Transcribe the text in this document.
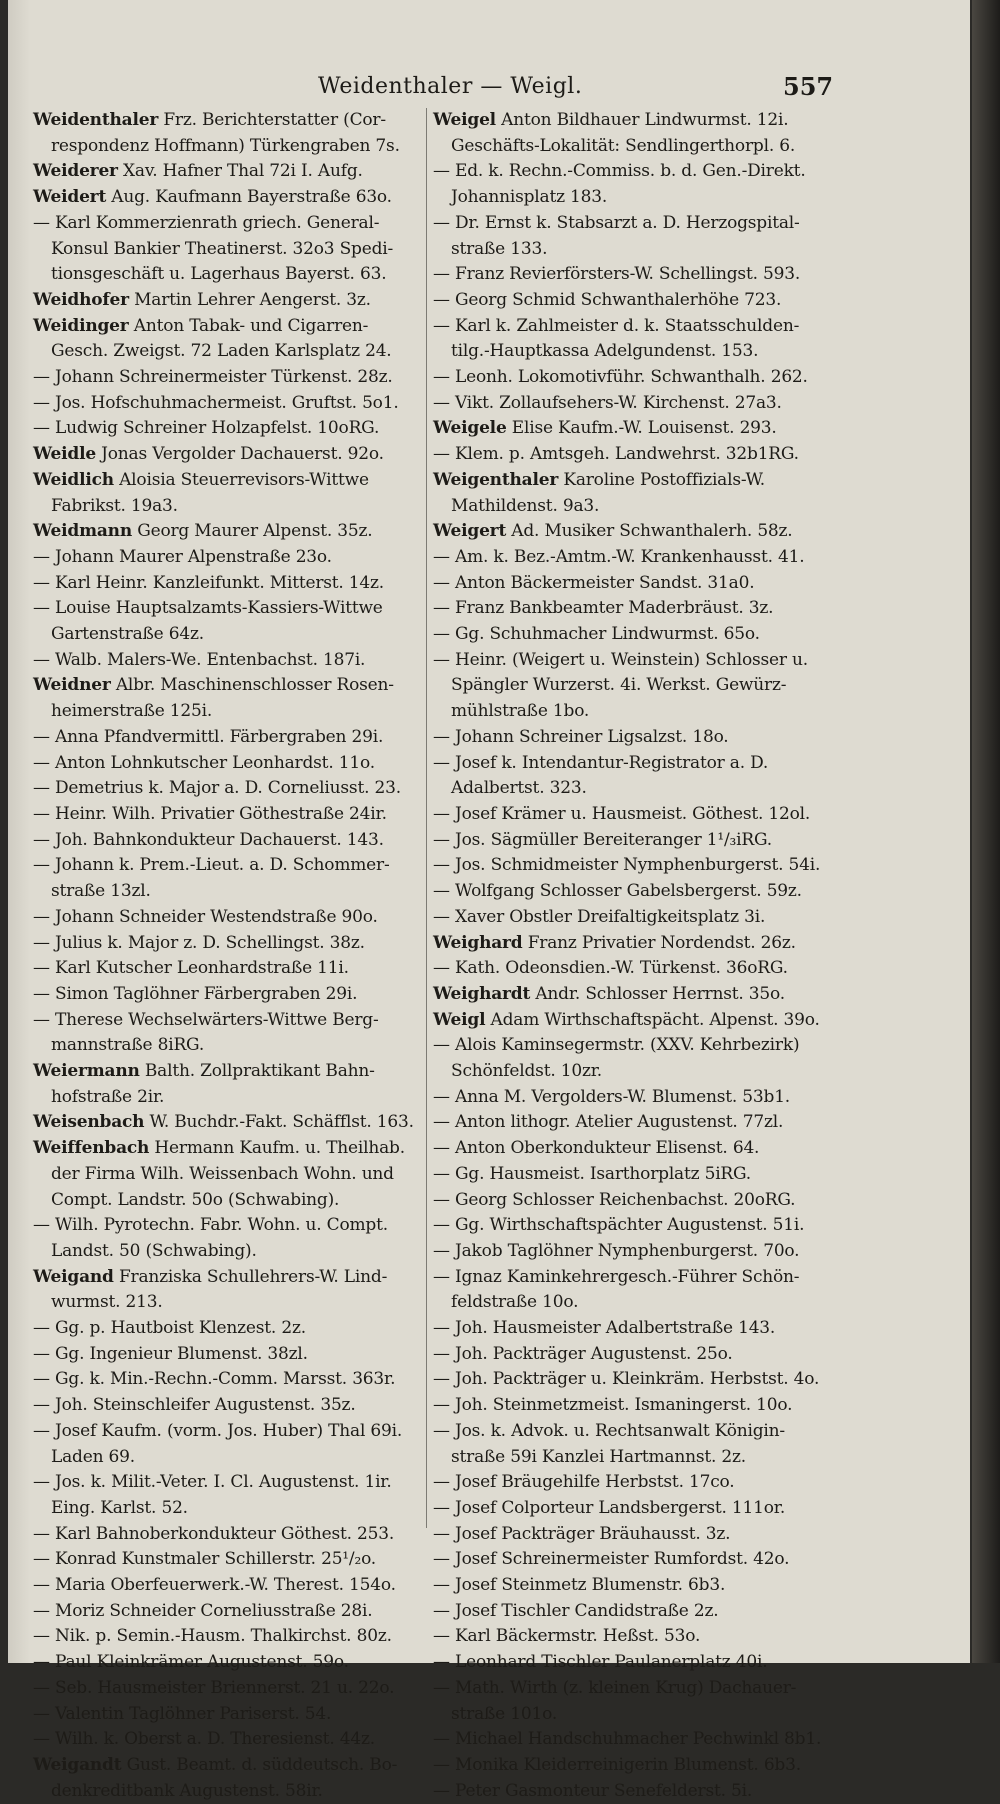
Weidenthaler — Weigl.	557
Weidenthaler Frz. Berichterstatter (Cor-
respondenz Hoffmann) Türkengraben 7s.
Weiderer Xav. Hafner Thal 72i I. Aufg.
Weidert Aug. Kaufmann Bayerstraße 63o.
— Karl Kommerzienrath griech. General-
Konsul Bankier Theatinerst. 32o3 Spedi-
tionsgeschäft u. Lagerhaus Bayerst. 63.
Weidhofer Martin Lehrer Aengerst. 3z.
Weidinger Anton Tabak- und Cigarren-
Gesch. Zweigst. 72 Laden Karlsplatz 24.
— Johann Schreinermeister Türkenst. 28z.
— Jos. Hofschuhmachermeist. Gruftst. 5o1.
— Ludwig Schreiner Holzapfelst. 10oRG.
Weidle Jonas Vergolder Dachauerst. 92o.
Weidlich Aloisia Steuerrevisors-Wittwe
Fabrikst. 19a3.
Weidmann Georg Maurer Alpenst. 35z.
— Johann Maurer Alpenstraße 23o.
— Karl Heinr. Kanzleifunkt. Mitterst. 14z.
— Louise Hauptsalzamts-Kassiers-Wittwe
Gartenstraße 64z.
— Walb. Malers-We. Entenbachst. 187i.
Weidner Albr. Maschinenschlosser Rosen-
heimerstraße 125i.
— Anna Pfandvermittl. Färbergraben 29i.
— Anton Lohnkutscher Leonhardst. 11o.
— Demetrius k. Major a. D. Corneliusst. 23.
— Heinr. Wilh. Privatier Göthestraße 24ir.
— Joh. Bahnkondukteur Dachauerst. 143.
— Johann k. Prem.-Lieut. a. D. Schommer-
straße 13zl.
— Johann Schneider Westendstraße 90o.
— Julius k. Major z. D. Schellingst. 38z.
— Karl Kutscher Leonhardstraße 11i.
— Simon Taglöhner Färbergraben 29i.
— Therese Wechselwärters-Wittwe Berg-
mannstraße 8iRG.
Weiermann Balth. Zollpraktikant Bahn-
hofstraße 2ir.
Weisenbach W. Buchdr.-Fakt. Schäfflst. 163.
Weiffenbach Hermann Kaufm. u. Theilhab.
der Firma Wilh. Weissenbach Wohn. und
Compt. Landstr. 50o (Schwabing).
— Wilh. Pyrotechn. Fabr. Wohn. u. Compt.
Landst. 50 (Schwabing).
Weigand Franziska Schullehrers-W. Lind-
wurmst. 213.
— Gg. p. Hautboist Klenzest. 2z.
— Gg. Ingenieur Blumenst. 38zl.
— Gg. k. Min.-Rechn.-Comm. Marsst. 363r.
— Joh. Steinschleifer Augustenst. 35z.
— Josef Kaufm. (vorm. Jos. Huber) Thal 69i.
Laden 69.
— Jos. k. Milit.-Veter. I. Cl. Augustenst. 1ir.
Eing. Karlst. 52.
— Karl Bahnoberkondukteur Göthest. 253.
— Konrad Kunstmaler Schillerstr. 25¹/₂o.
— Maria Oberfeuerwerk.-W. Therest. 154o.
— Moriz Schneider Corneliusstraße 28i.
— Nik. p. Semin.-Hausm. Thalkirchst. 80z.
— Paul Kleinkrämer Augustenst. 59o.
— Seb. Hausmeister Briennerst. 21 u. 22o.
— Valentin Taglöhner Pariserst. 54.
— Wilh. k. Oberst a. D. Theresienst. 44z.
Weigandt Gust. Beamt. d. süddeutsch. Bo-
denkreditbank Augustenst. 58ir.
Weigel Anton Bildhauer Lindwurmst. 12i.
Geschäfts-Lokalität: Sendlingerthorpl. 6.
— Ed. k. Rechn.-Commiss. b. d. Gen.-Direkt.
Johannisplatz 183.
— Dr. Ernst k. Stabsarzt a. D. Herzogspital-
straße 133.
— Franz Revierförsters-W. Schellingst. 593.
— Georg Schmid Schwanthalerhöhe 723.
— Karl k. Zahlmeister d. k. Staatsschulden-
tilg.-Hauptkassa Adelgundenst. 153.
— Leonh. Lokomotivführ. Schwanthalh. 262.
— Vikt. Zollaufsehers-W. Kirchenst. 27a3.
Weigele Elise Kaufm.-W. Louisenst. 293.
— Klem. p. Amtsgeh. Landwehrst. 32b1RG.
Weigenthaler Karoline Postoffizials-W.
Mathildenst. 9a3.
Weigert Ad. Musiker Schwanthalerh. 58z.
— Am. k. Bez.-Amtm.-W. Krankenhausst. 41.
— Anton Bäckermeister Sandst. 31a0.
— Franz Bankbeamter Maderbräust. 3z.
— Gg. Schuhmacher Lindwurmst. 65o.
— Heinr. (Weigert u. Weinstein) Schlosser u.
Spängler Wurzerst. 4i. Werkst. Gewürz-
mühlstraße 1bo.
— Johann Schreiner Ligsalzst. 18o.
— Josef k. Intendantur-Registrator a. D.
Adalbertst. 323.
— Josef Krämer u. Hausmeist. Göthest. 12ol.
— Jos. Sägmüller Bereiteranger 1¹/₃iRG.
— Jos. Schmidmeister Nymphenburgerst. 54i.
— Wolfgang Schlosser Gabelsbergerst. 59z.
— Xaver Obstler Dreifaltigkeitsplatz 3i.
Weighard Franz Privatier Nordendst. 26z.
— Kath. Odeonsdien.-W. Türkenst. 36oRG.
Weighardt Andr. Schlosser Herrnst. 35o.
Weigl Adam Wirthschaftspächt. Alpenst. 39o.
— Alois Kaminsegermstr. (XXV. Kehrbezirk)
Schönfeldst. 10zr.
— Anna M. Vergolders-W. Blumenst. 53b1.
— Anton lithogr. Atelier Augustenst. 77zl.
— Anton Oberkondukteur Elisenst. 64.
— Gg. Hausmeist. Isarthorplatz 5iRG.
— Georg Schlosser Reichenbachst. 20oRG.
— Gg. Wirthschaftspächter Augustenst. 51i.
— Jakob Taglöhner Nymphenburgerst. 70o.
— Ignaz Kaminkehrergesch.-Führer Schön-
feldstraße 10o.
— Joh. Hausmeister Adalbertstraße 143.
— Joh. Packträger Augustenst. 25o.
— Joh. Packträger u. Kleinkräm. Herbstst. 4o.
— Joh. Steinmetzmeist. Ismaningerst. 10o.
— Jos. k. Advok. u. Rechtsanwalt Königin-
straße 59i Kanzlei Hartmannst. 2z.
— Josef Bräugehilfe Herbstst. 17co.
— Josef Colporteur Landsbergerst. 111or.
— Josef Packträger Bräuhausst. 3z.
— Josef Schreinermeister Rumfordst. 42o.
— Josef Steinmetz Blumenstr. 6b3.
— Josef Tischler Candidstraße 2z.
— Karl Bäckermstr. Heßst. 53o.
— Leonhard Tischler Paulanerplatz 40i.
— Math. Wirth (z. kleinen Krug) Dachauer-
straße 101o.
— Michael Handschuhmacher Pechwinkl 8b1.
— Monika Kleiderreinigerin Blumenst. 6b3.
— Peter Gasmonteur Senefelderst. 5i.
